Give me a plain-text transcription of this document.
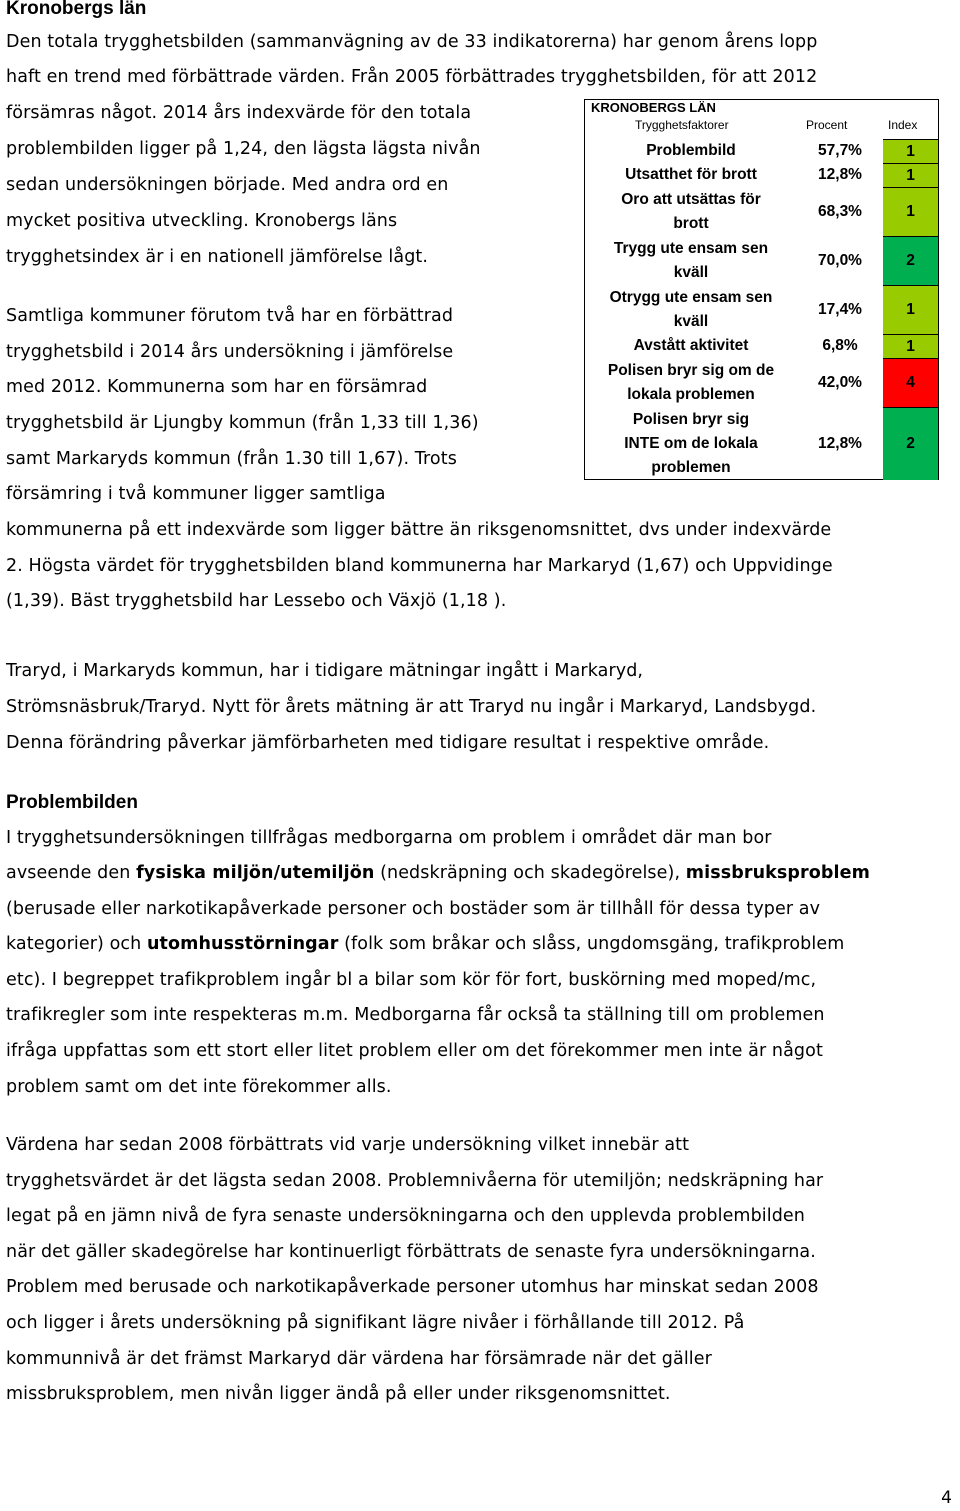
Kronobergs län
Den totala trygghetsbilden (sammanvägning av de 33 indikatorerna) har genom årens lopp
haft en trend med förbättrade värden. Från 2005 förbättrades trygghetsbilden, för att 2012
försämras något. 2014 års indexvärde för den totala
problembilden ligger på 1,24, den lägsta lägsta nivån
sedan undersökningen började. Med andra ord en
mycket positiva utveckling. Kronobergs läns
trygghetsindex är i en nationell jämförelse lågt.
Samtliga kommuner förutom två har en förbättrad
trygghetsbild i 2014 års undersökning i jämförelse
med 2012. Kommunerna som har en försämrad
trygghetsbild är Ljungby kommun (från 1,33 till 1,36)
samt Markaryds kommun (från 1.30 till 1,67). Trots
försämring i två kommuner ligger samtliga
kommunerna på ett indexvärde som ligger bättre än riksgenomsnittet, dvs under indexvärde
2. Högsta värdet för trygghetsbilden bland kommunerna har Markaryd (1,67) och Uppvidinge
(1,39). Bäst trygghetsbild har Lessebo och Växjö (1,18 ).
Traryd, i Markaryds kommun, har i tidigare mätningar ingått i Markaryd,
Strömsnäsbruk/Traryd. Nytt för årets mätning är att Traryd nu ingår i Markaryd, Landsbygd.
Denna förändring påverkar jämförbarheten med tidigare resultat i respektive område.
Problembilden
I trygghetsundersökningen tillfrågas medborgarna om problem i området där man bor
avseende den fysiska miljön/utemiljön (nedskräpning och skadegörelse), missbruksproblem
(berusade eller narkotikapåverkade personer och bostäder som är tillhåll för dessa typer av
kategorier) och utomhusstörningar (folk som bråkar och slåss, ungdomsgäng, trafikproblem
etc). I begreppet trafikproblem ingår bl a bilar som kör för fort, buskörning med moped/mc,
trafikregler som inte respekteras m.m. Medborgarna får också ta ställning till om problemen
ifråga uppfattas som ett stort eller litet problem eller om det förekommer men inte är något
problem samt om det inte förekommer alls.
Värdena har sedan 2008 förbättrats vid varje undersökning vilket innebär att
trygghetsvärdet är det lägsta sedan 2008. Problemnivåerna för utemiljön; nedskräpning har
legat på en jämn nivå de fyra senaste undersökningarna och den upplevda problembilden
när det gäller skadegörelse har kontinuerligt förbättrats de senaste fyra undersökningarna.
Problem med berusade och narkotikapåverkade personer utomhus har minskat sedan 2008
och ligger i årets undersökning på signifikant lägre nivåer i förhållande till 2012. På
kommunnivå är det främst Markaryd där värdena har försämrade när det gäller
missbruksproblem, men nivån ligger ändå på eller under riksgenomsnittet.
KRONOBERGS LÄN
Trygghetsfaktorer	Procent	Index
Problembild	57,7%	1
Utsatthet för brott	12,8%	1
Oro att utsättas för brott
68,3%	1
Trygg ute ensam sen kväll
70,0%	2
Otrygg ute ensam sen kväll
17,4%	1
Avstått aktivitet	6,8%	1
Polisen bryr sig om de lokala problemen
42,0%	4
Polisen bryr sig INTE om de lokala problemen
12,8%	2
4
